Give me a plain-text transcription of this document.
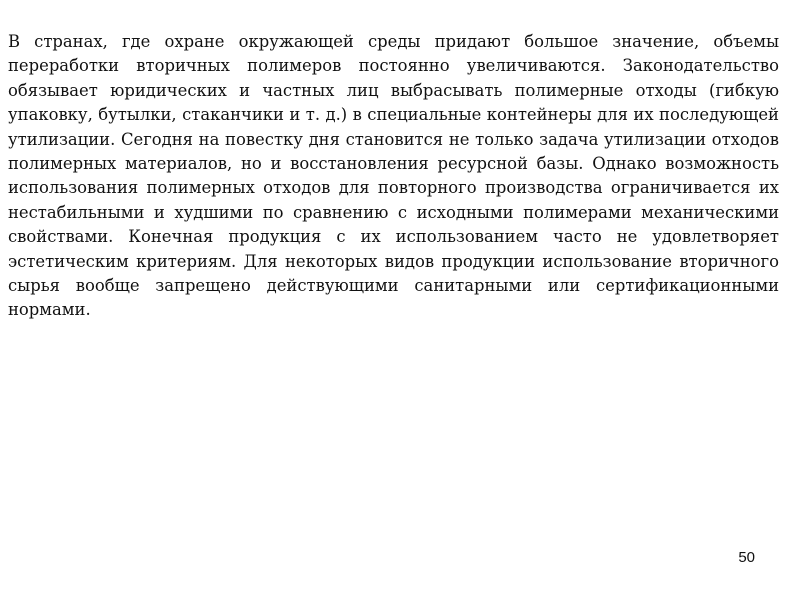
В странах, где охране окружающей среды придают большое значение, объемы переработки вторичных полимеров постоянно увеличиваются. Законодательство обязывает юридических и частных лиц выбрасывать полимерные отходы (гибкую упаковку, бутылки, стаканчики и т. д.) в специальные контейнеры для их последующей утилизации. Сегодня на повестку дня становится не только задача утилизации отходов полимерных материалов, но и восстановления ресурсной базы. Однако возможность использования полимерных отходов для повторного производства ограничивается их нестабильными и худшими по сравнению с исходными полимерами механическими свойствами. Конечная продукция с их использованием часто не удовлетворяет эстетическим критериям. Для некоторых видов продукции использование вторичного сырья вообще запрещено действующими санитарными или сертификационными нормами.

50
